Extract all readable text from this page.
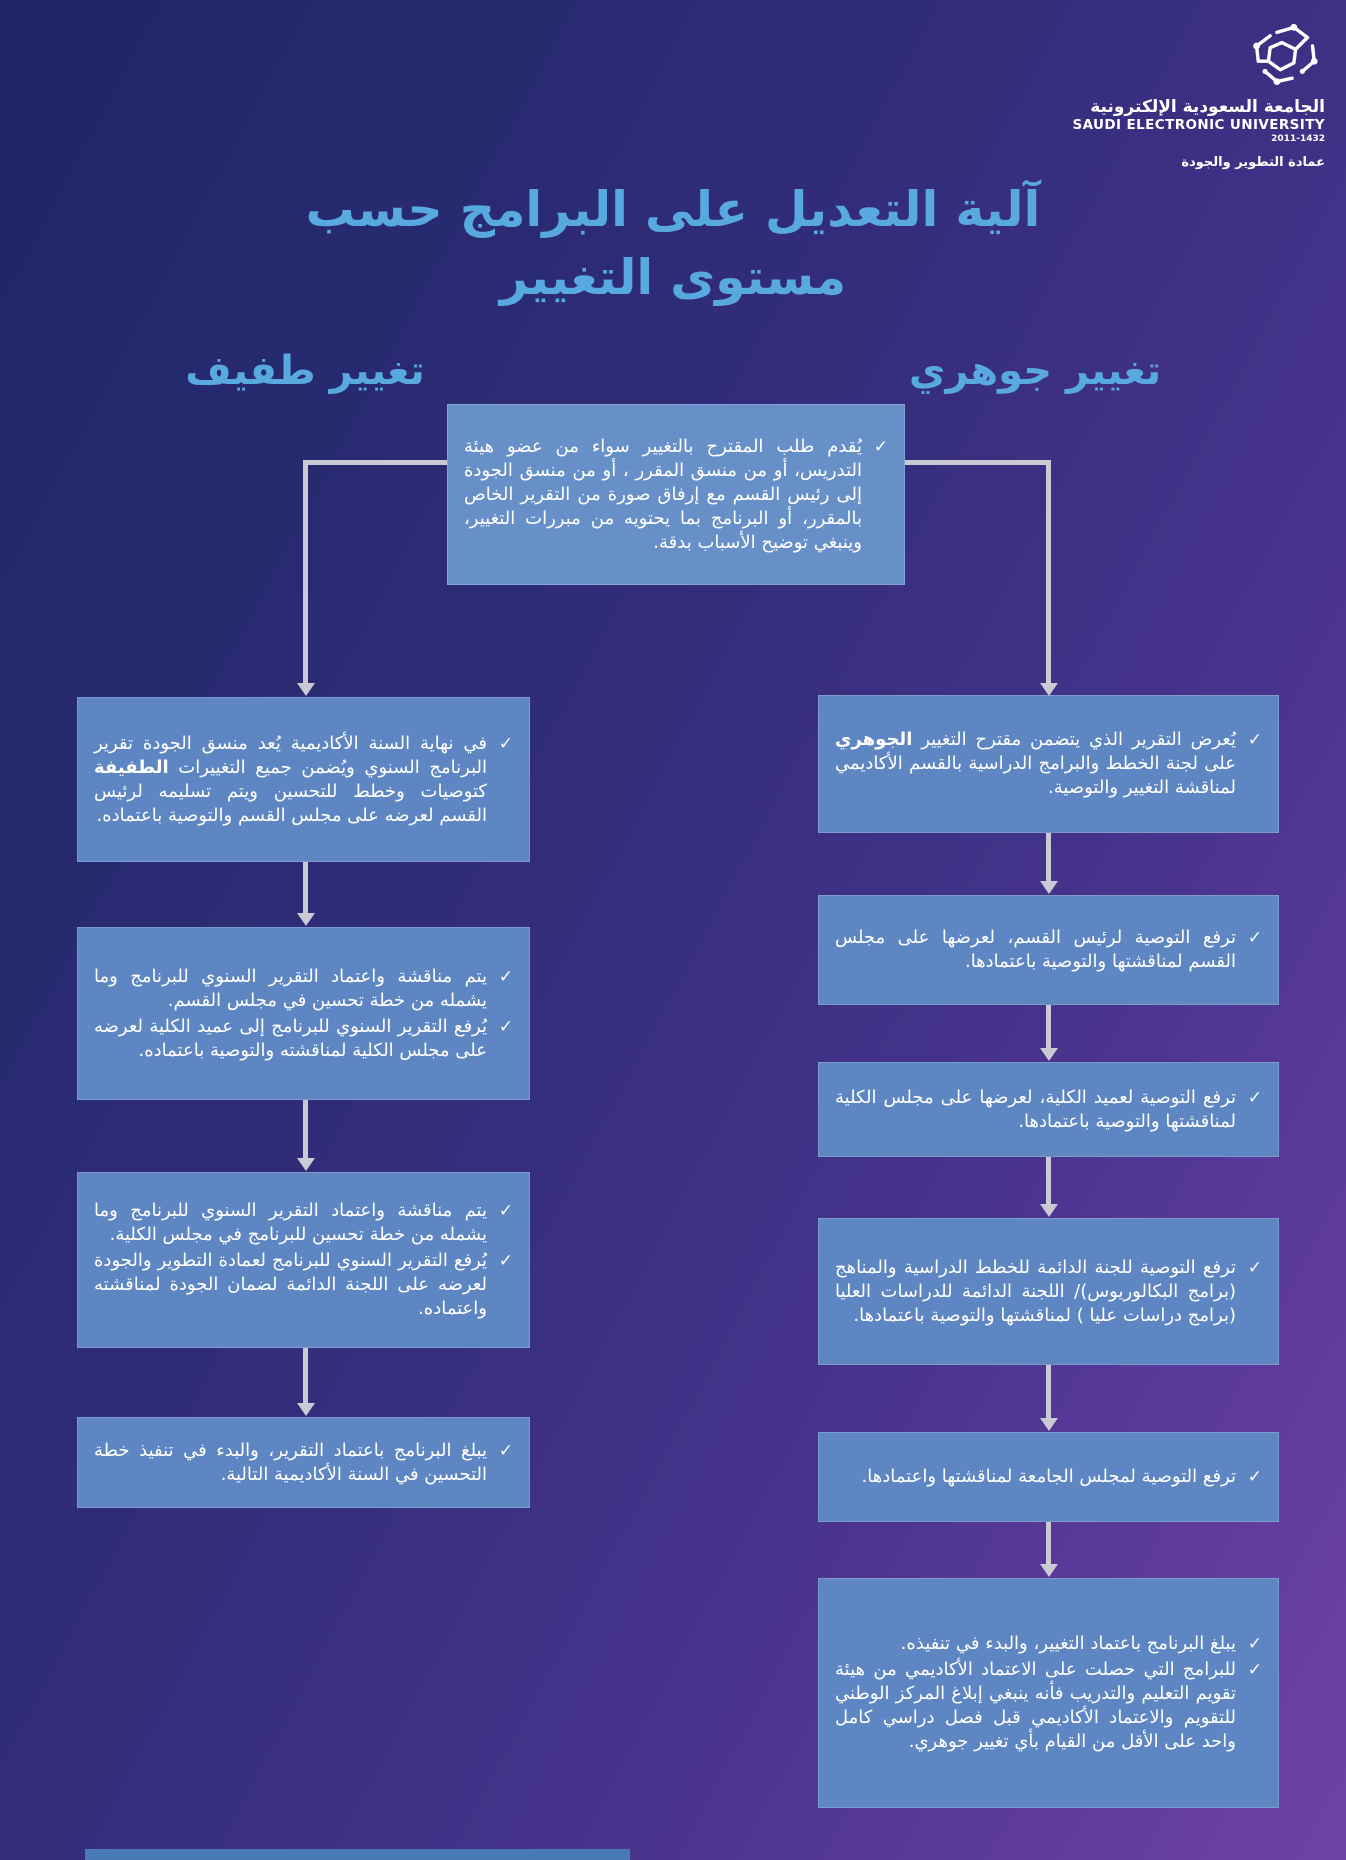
الجامعة السعودية الإلكترونية
SAUDI ELECTRONIC UNIVERSITY
2011-1432
عمادة التطوير والجودة
آلية التعديل على البرامج حسب
مستوى التغيير
تغيير طفيف	تغيير جوهري
✓
يُقدم طلب المقترح بالتغيير سواء من عضو هيئة التدريس، أو من منسق المقرر ، أو من منسق الجودة إلى رئيس القسم مع إرفاق صورة من التقرير الخاص بالمقرر، أو البرنامج بما يحتويه من مبررات التغيير، وينبغي توضيح الأسباب بدقة.
✓
في نهاية السنة الأكاديمية يُعد منسق الجودة تقرير البرنامج السنوي ويُضمن جميع التغييرات الطفيفة كتوصيات وخطط للتحسين ويتم تسليمه لرئيس القسم لعرضه على مجلس القسم والتوصية باعتماده.
✓
يتم مناقشة واعتماد التقرير السنوي للبرنامج وما يشمله من خطة تحسين في مجلس القسم.
✓
يُرفع التقرير السنوي للبرنامج إلى عميد الكلية لعرضه على مجلس الكلية لمناقشته والتوصية باعتماده.
✓
يتم مناقشة واعتماد التقرير السنوي للبرنامج وما يشمله من خطة تحسين للبرنامج في مجلس الكلية.
✓
يُرفع التقرير السنوي للبرنامج لعمادة التطوير والجودة لعرضه على اللجنة الدائمة لضمان الجودة لمناقشته واعتماده.
✓
يبلغ البرنامج باعتماد التقرير، والبدء في تنفيذ خطة التحسين في السنة الأكاديمية التالية.
✓
يُعرض التقرير الذي يتضمن مقترح التغيير الجوهري على لجنة الخطط والبرامج الدراسية بالقسم الأكاديمي لمناقشة التغيير والتوصية.
✓
ترفع التوصية لرئيس القسم، لعرضها على مجلس القسم لمناقشتها والتوصية باعتمادها.
✓
ترفع التوصية لعميد الكلية، لعرضها على مجلس الكلية لمناقشتها والتوصية باعتمادها.
✓
ترفع التوصية للجنة الدائمة للخطط الدراسية والمناهج (برامج البكالوريوس)/ اللجنة الدائمة للدراسات العليا (برامج دراسات عليا ) لمناقشتها والتوصية باعتمادها.
✓
ترفع التوصية لمجلس الجامعة لمناقشتها واعتمادها.
✓
يبلغ البرنامج باعتماد التغيير، والبدء في تنفيذه.
✓
للبرامج التي حصلت على الاعتماد الأكاديمي من هيئة تقويم التعليم والتدريب فأنه ينبغي إبلاغ المركز الوطني للتقويم والاعتماد الأكاديمي قبل فصل دراسي كامل واحد على الأقل من القيام بأي تغيير جوهري.
